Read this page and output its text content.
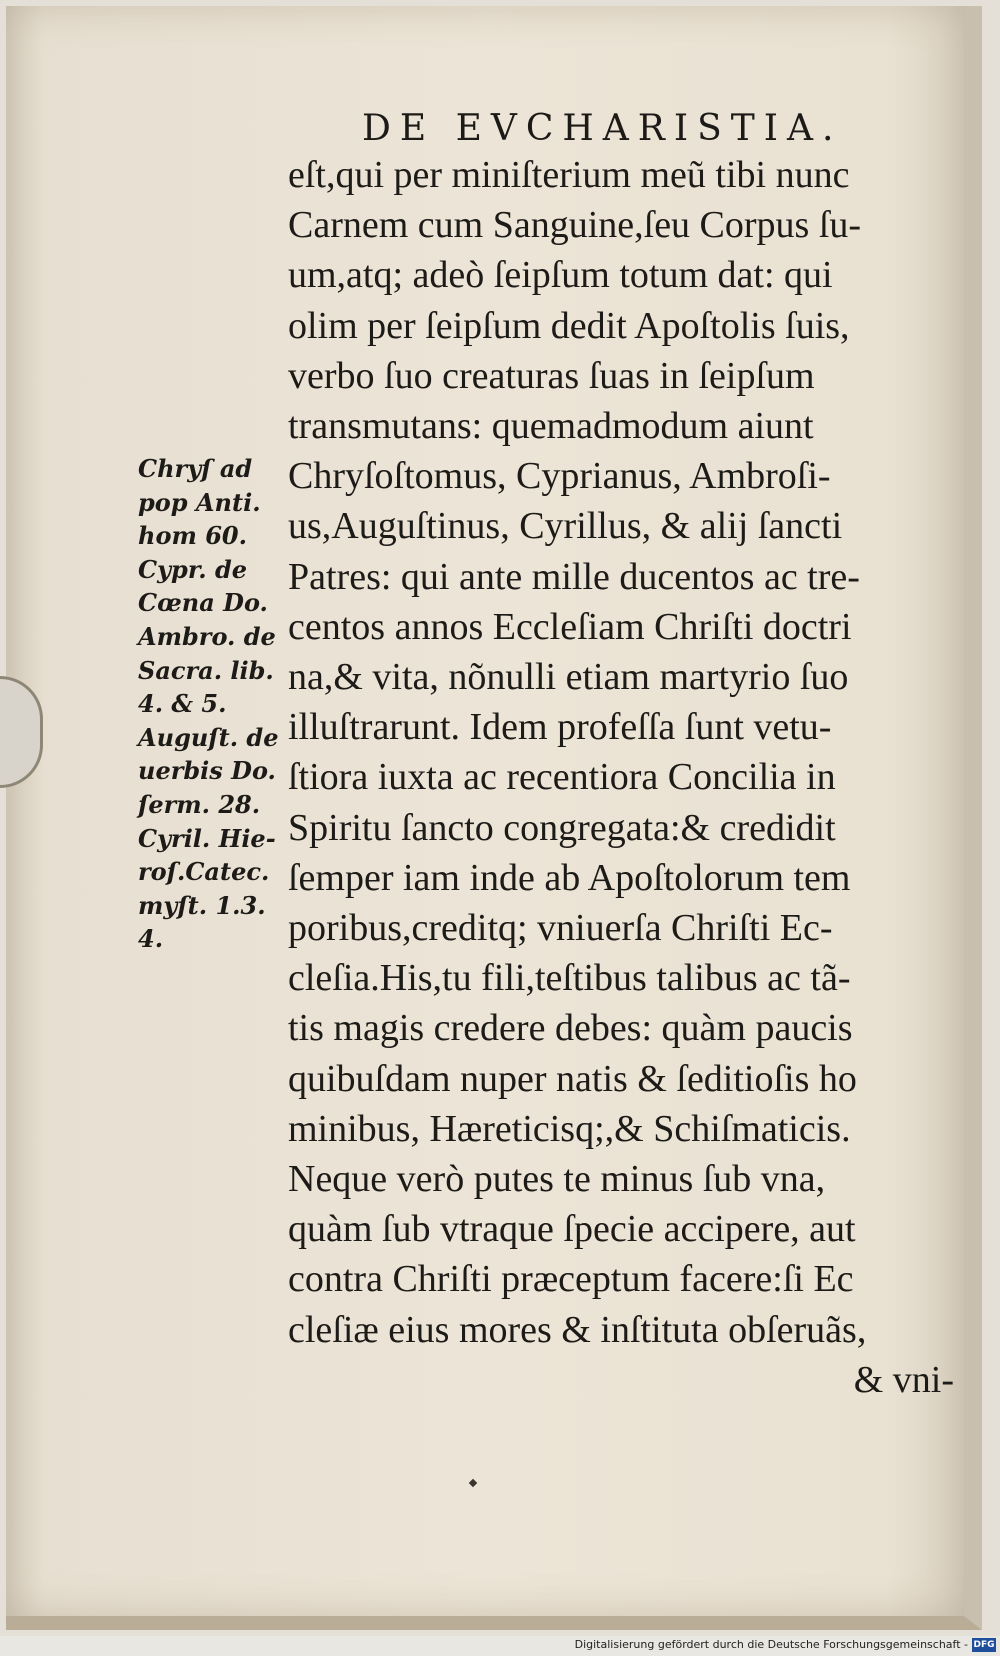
DE EVCHARISTIA.
eſt,qui per miniſterium meũ tibi nunc
Carnem cum Sanguine,ſeu Corpus ſu-
um,atq; adeò ſeipſum totum dat: qui
olim per ſeipſum dedit Apoſtolis ſuis,
verbo ſuo creaturas ſuas in ſeipſum
transmutans: quemadmodum aiunt
Chryſoſtomus, Cyprianus, Ambroſi-
us,Auguſtinus, Cyrillus, & alij ſancti
Patres: qui ante mille ducentos ac tre-
centos annos Eccleſiam Chriſti doctri
na,& vita, nõnulli etiam martyrio ſuo
illuſtrarunt. Idem profeſſa ſunt vetu-
ſtiora iuxta ac recentiora Concilia in
Spiritu ſancto congregata:& credidit
ſemper iam inde ab Apoſtolorum tem
poribus,creditq; vniuerſa Chriſti Ec-
cleſia.His,tu fili,teſtibus talibus ac tã-
tis magis credere debes: quàm paucis
quibuſdam nuper natis & ſeditioſis ho
minibus, Hæreticisq;,& Schiſmaticis.
Neque verò putes te minus ſub vna,
quàm ſub vtraque ſpecie accipere, aut
contra Chriſti præceptum facere:ſi Ec
cleſiæ eius mores & inſtituta obſeruãs,
& vni-
Chryſ ad
pop Anti.
hom 60.
Cypr. de
Cœna Do.
Ambro. de
Sacra. lib.
4. & 5.
Auguſt. de
uerbis Do.
ſerm. 28.
Cyril. Hie-
roſ.Catec.
myſt. 1.3.
4.
Digitalisierung gefördert durch die Deutsche Forschungsgemeinschaft - DFG
